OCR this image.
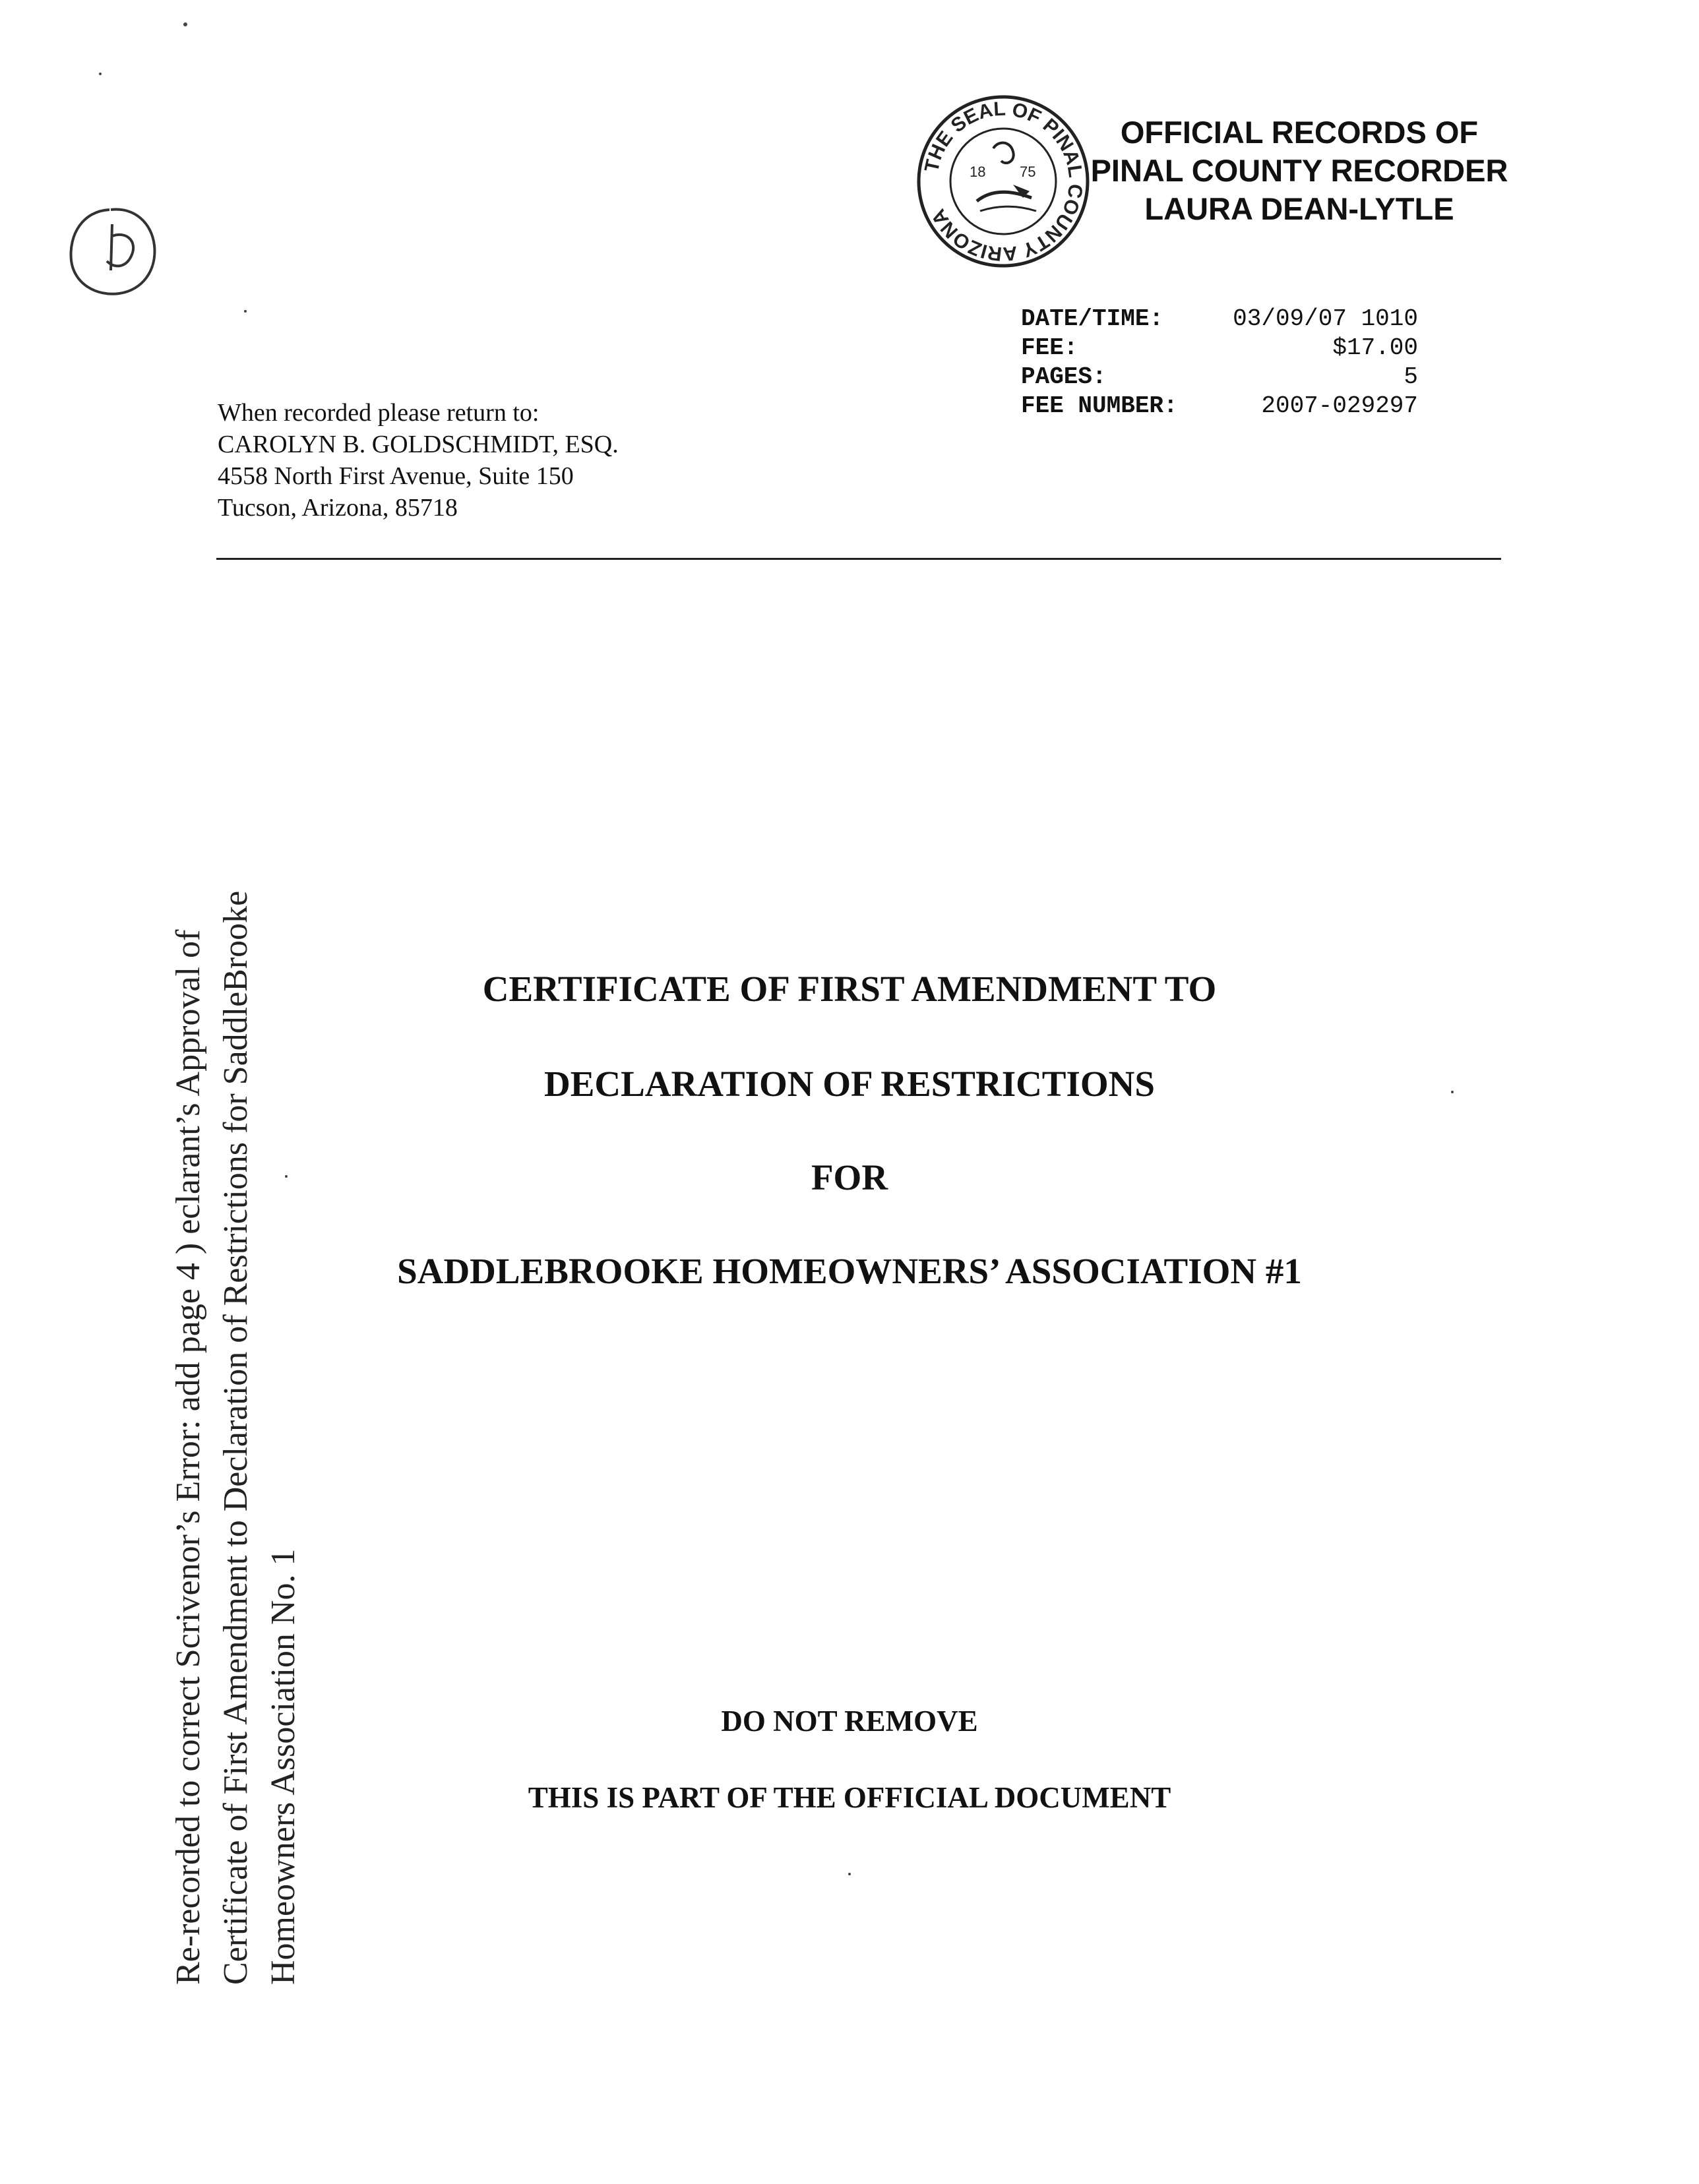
THE SEAL OF PINAL COUNTY ARIZONA
18 75
OFFICIAL RECORDS OF
PINAL COUNTY RECORDER
LAURA DEAN-LYTLE
DATE/TIME:	03/09/07 1010
FEE:	$17.00
PAGES:	5
FEE NUMBER:	2007-029297
When recorded please return to:
CAROLYN B. GOLDSCHMIDT, ESQ.
4558 North First Avenue, Suite 150
Tucson, Arizona, 85718
CERTIFICATE OF FIRST AMENDMENT TO
DECLARATION OF RESTRICTIONS
FOR
SADDLEBROOKE HOMEOWNERS’ ASSOCIATION #1
DO NOT REMOVE
THIS IS PART OF THE OFFICIAL DOCUMENT
Re-recorded to correct Scrivenor’s Error: add page 4 ) eclarant’s Approval of Certificate of First Amendment to Declaration of Restrictions for SaddleBrooke Homeowners Association No. 1
